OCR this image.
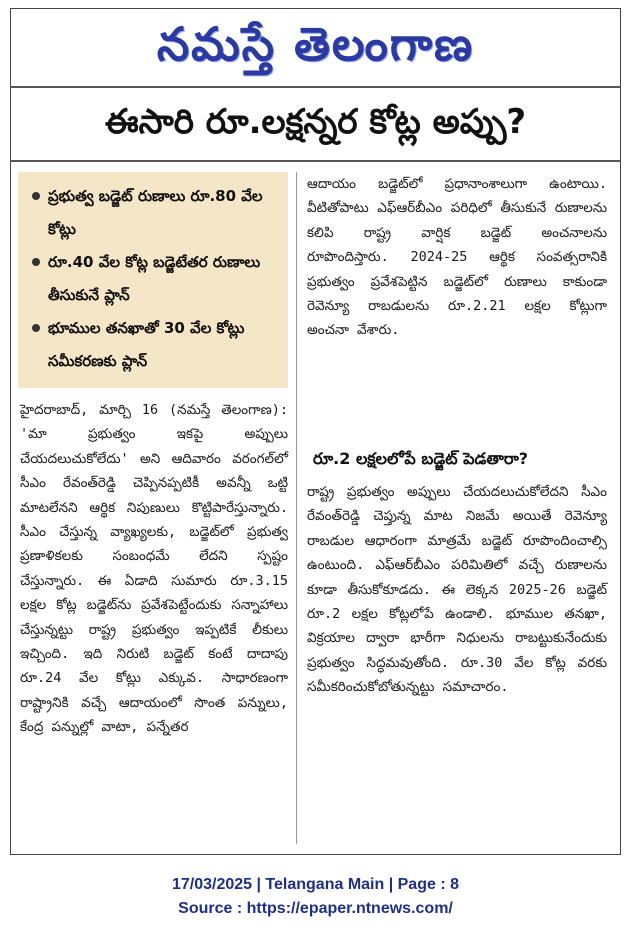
నమస్తే తెలంగాణ
ఈసారి రూ.లక్షన్నర కోట్ల అప్పు?
ప్రభుత్వ బడ్జెట్ రుణాలు రూ.80 వేల కోట్లు
రూ.40 వేల కోట్ల బడ్జెటేతర రుణాలు తీసుకునే ప్లాన్
భూముల తనఖాతో 30 వేల కోట్లు సమీకరణకు ప్లాన్
హైదరాబాద్, మార్చి 16 (నమస్తే తెలంగాణ): 'మా ప్రభుత్వం ఇకపై అప్పులు చేయదలుచుకోలేదు' అని ఆదివారం వరంగల్‌లో సీఎం రేవంత్‌రెడ్డి చెప్పినప్పటికీ అవన్నీ ఒట్టి మాటలేనని ఆర్థిక నిపుణులు కొట్టిపారేస్తున్నారు. సీఎం చేస్తున్న వ్యాఖ్యలకు, బడ్జెట్‌లో ప్రభుత్వ ప్రణాళికలకు సంబంధమే లేదని స్పష్టం చేస్తున్నారు. ఈ ఏడాది సుమారు రూ.3.15 లక్షల కోట్ల బడ్జెట్‌ను ప్రవేశపెట్టేందుకు సన్నాహాలు చేస్తున్నట్టు రాష్ట్ర ప్రభుత్వం ఇప్పటికే లీకులు ఇచ్చింది. ఇది నిరుటి బడ్జెట్ కంటే దాదాపు రూ.24 వేల కోట్లు ఎక్కువ. సాధారణంగా రాష్ట్రానికి వచ్చే ఆదాయంలో సొంత పన్నులు, కేంద్ర పన్నుల్లో వాటా, పన్నేతర
ఆదాయం బడ్జెట్‌లో ప్రధానాంశాలుగా ఉంటాయి. వీటితోపాటు ఎఫ్‌ఆర్‌బీఎం పరిధిలో తీసుకునే రుణాలను కలిపి రాష్ట్ర వార్షిక బడ్జెట్ అంచనాలను రూపొందిస్తారు. 2024-25 ఆర్థిక సంవత్సరానికి ప్రభుత్వం ప్రవేశపెట్టిన బడ్జెట్‌లో రుణాలు కాకుండా రెవెన్యూ రాబడులను రూ.2.21 లక్షల కోట్లుగా అంచనా వేశారు.
రూ.2 లక్షలలోపే బడ్జెట్ పెడతారా?
రాష్ట్ర ప్రభుత్వం అప్పులు చేయదలుచుకోలేదని సీఎం రేవంత్‌రెడ్డి చెప్తున్న మాట నిజమే అయితే రెవెన్యూ రాబడుల ఆధారంగా మాత్రమే బడ్జెట్ రూపొందించాల్సి ఉంటుంది. ఎఫ్‌ఆర్‌బీఎం పరిమితిలో వచ్చే రుణాలను కూడా తీసుకోకూడదు. ఈ లెక్కన 2025-26 బడ్జెట్ రూ.2 లక్షల కోట్లలోపే ఉండాలి. భూముల తనఖా, విక్రయాల ద్వారా భారీగా నిధులను రాబట్టుకునేందుకు ప్రభుత్వం సిద్ధమవుతోంది. రూ.30 వేల కోట్ల వరకు సమీకరించుకోబోతున్నట్టు సమాచారం.
17/03/2025 | Telangana Main | Page : 8
Source : https://epaper.ntnews.com/
